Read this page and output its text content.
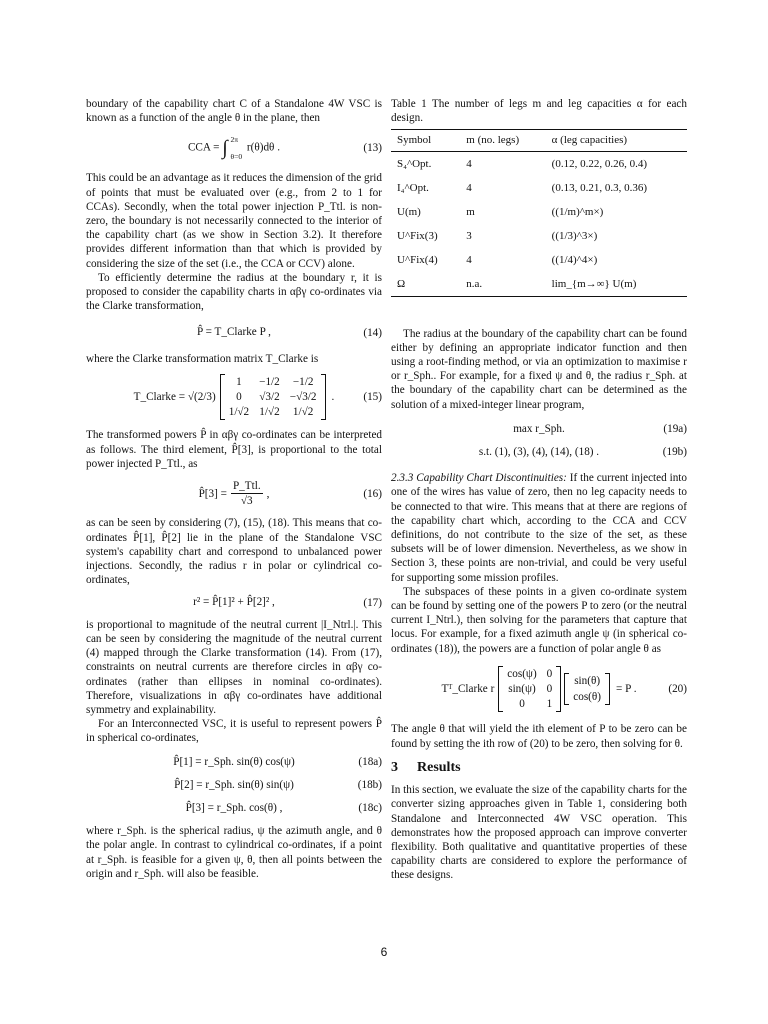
boundary of the capability chart C of a Standalone 4W VSC is known as a function of the angle θ in the plane, then

CCA = ∫ 2π
θ=0
r(θ)dθ .	(13)

This could be an advantage as it reduces the dimension of the grid of points that must be evaluated over (e.g., from 2 to 1 for CCAs). Secondly, when the total power injection P_Ttl. is non-zero, the boundary is not necessarily connected to the interior of the capability chart (as we show in Section 3.2). It therefore provides different information than that which is provided by considering the size of the set (i.e., the CCA or CCV) alone.

To efficiently determine the radius at the boundary r, it is proposed to consider the capability charts in αβγ co-ordinates via the Clarke transformation,

P̂ = T_Clarke P ,	(14)

where the Clarke transformation matrix T_Clarke is

T_Clarke = √(2/3)
1	−1/2 −1/2
0	√3/2 −√3/2
1/√2 1/√2 1/√2
.	(15)

The transformed powers P̂ in αβγ co-ordinates can be interpreted as follows. The third element, P̂[3], is proportional to the total power injected P_Ttl., as

P̂[3] = $\frac{\text{P\_Ttl.}}{√3}$ ,	(16)

as can be seen by considering (7), (15), (18). This means that co-ordinates P̂[1], P̂[2] lie in the plane of the Standalone VSC system's capability chart and correspond to unbalanced power injections. Secondly, the radius r in polar or cylindrical co-ordinates,

r² = P̂[1]² + P̂[2]² ,	(17)

is proportional to magnitude of the neutral current |I_Ntrl.|. This can be seen by considering the magnitude of the neutral current (4) mapped through the Clarke transformation (14). From (17), constraints on neutral currents are therefore circles in αβγ co-ordinates (rather than ellipses in nominal co-ordinates). Therefore, visualizations in αβγ co-ordinates have additional symmetry and explainability.

For an Interconnected VSC, it is useful to represent powers P̂ in spherical co-ordinates,

P̂[1] = r_Sph. sin(θ) cos(ψ)	(18a)
P̂[2] = r_Sph. sin(θ) sin(ψ)	(18b)
P̂[3] = r_Sph. cos(θ) ,	(18c)

where r_Sph. is the spherical radius, ψ the azimuth angle, and θ the polar angle. In contrast to cylindrical co-ordinates, if a point at r_Sph. is feasible for a given ψ, θ, then all points between the origin and r_Sph. will also be feasible.

Table 1 The number of legs m and leg capacities α for each design.

Symbol	m (no. legs)	α (leg capacities)
S₄^Opt.	4	(0.12, 0.22, 0.26, 0.4)
I₄^Opt.	4	(0.13, 0.21, 0.3, 0.36)
U(m)	m	((1/m)^m×)
U^Fix(3)	3	((1/3)^3×)
U^Fix(4)	4	((1/4)^4×)
Ω	n.a.	lim_{m→∞} U(m)

The radius at the boundary of the capability chart can be found either by defining an appropriate indicator function and then using a root-finding method, or via an optimization to maximise r or r_Sph.. For example, for a fixed ψ and θ, the radius r_Sph. at the boundary of the capability chart can be determined as the solution of a mixed-integer linear program,

max r_Sph.	(19a)
s.t. (1), (3), (4), (14), (18) .	(19b)

2.3.3 Capability Chart Discontinuities: If the current injected into one of the wires has value of zero, then no leg capacity needs to be connected to that wire. This means that at there are regions of the capability chart which, according to the CCA and CCV definitions, do not contribute to the size of the set, as these subsets will be of lower dimension. Nevertheless, as we show in Section 3, these points are non-trivial, and could be very useful for supporting some mission profiles.

The subspaces of these points in a given co-ordinate system can be found by setting one of the powers P to zero (or the neutral current I_Ntrl.), then solving for the parameters that capture that locus. For example, for a fixed azimuth angle ψ (in spherical co-ordinates (18)), the powers are a function of polar angle θ as

Tᵀ_Clarke r
cos(ψ) 0
sin(ψ) 0
0	1
sin(θ)
cos(θ)
= P .	(20)

The angle θ that will yield the ith element of P to be zero can be found by setting the ith row of (20) to be zero, then solving for θ.

3 Results

In this section, we evaluate the size of the capability charts for the converter sizing approaches given in Table 1, considering both Standalone and Interconnected 4W VSC operation. This demonstrates how the proposed approach can improve converter flexibility. Both qualitative and quantitative properties of these capability charts are considered to explore the performance of these designs.

6
